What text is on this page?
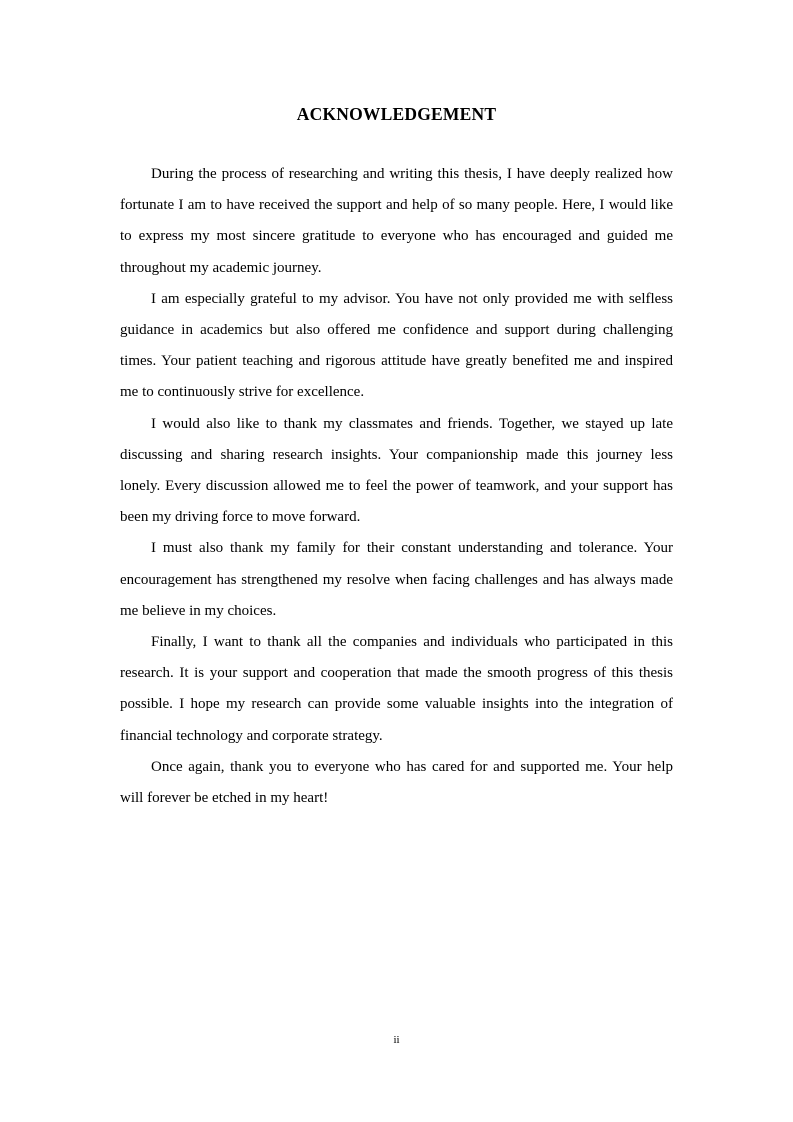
ACKNOWLEDGEMENT

During the process of researching and writing this thesis, I have deeply realized how fortunate I am to have received the support and help of so many people. Here, I would like to express my most sincere gratitude to everyone who has encouraged and guided me throughout my academic journey.

I am especially grateful to my advisor. You have not only provided me with selfless guidance in academics but also offered me confidence and support during challenging times. Your patient teaching and rigorous attitude have greatly benefited me and inspired me to continuously strive for excellence.

I would also like to thank my classmates and friends. Together, we stayed up late discussing and sharing research insights. Your companionship made this journey less lonely. Every discussion allowed me to feel the power of teamwork, and your support has been my driving force to move forward.

I must also thank my family for their constant understanding and tolerance. Your encouragement has strengthened my resolve when facing challenges and has always made me believe in my choices.

Finally, I want to thank all the companies and individuals who participated in this research. It is your support and cooperation that made the smooth progress of this thesis possible. I hope my research can provide some valuable insights into the integration of financial technology and corporate strategy.

Once again, thank you to everyone who has cared for and supported me. Your help will forever be etched in my heart!

ii
